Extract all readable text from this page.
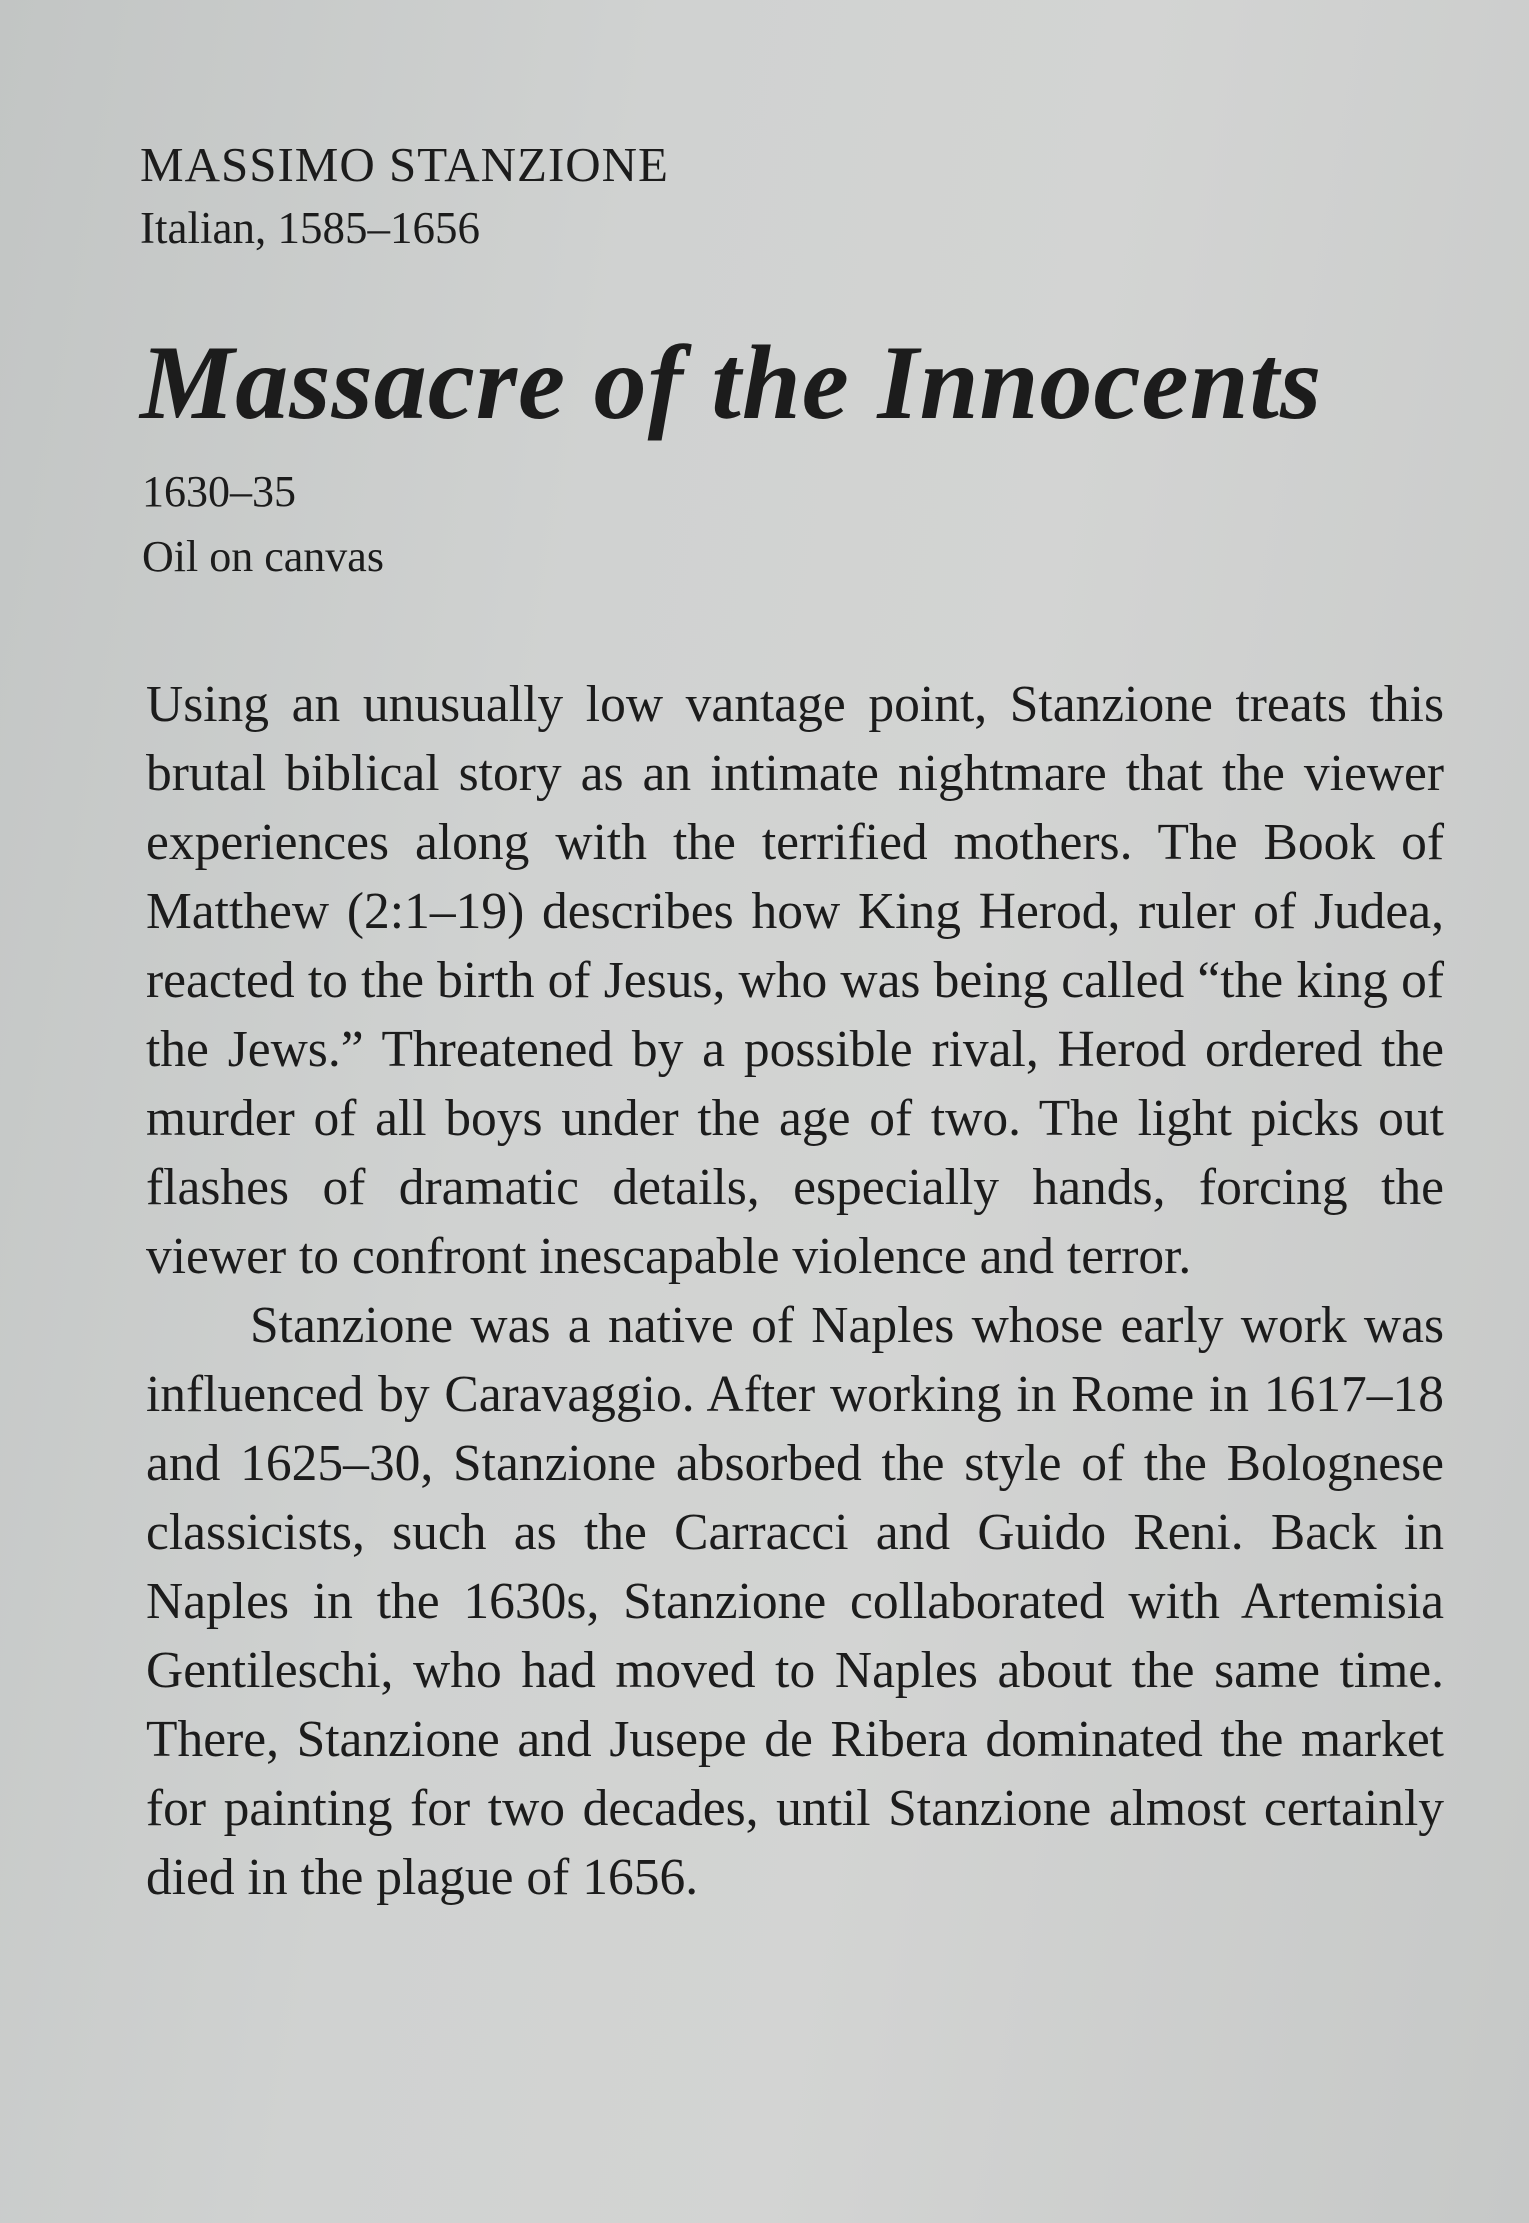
MASSIMO STANZIONE
Italian, 1585–1656
Massacre of the Innocents
1630–35
Oil on canvas

Using an unusually low vantage point, Stanzione treats this brutal biblical story as an intimate nightmare that the viewer experiences along with the terrified mothers. The Book of Matthew (2:1–19) describes how King Herod, ruler of Judea, reacted to the birth of Jesus, who was being called “the king of the Jews.” Threatened by a possible rival, Herod ordered the murder of all boys under the age of two. The light picks out flashes of dramatic details, especially hands, forcing the viewer to confront inescapable violence and terror.

Stanzione was a native of Naples whose early work was influenced by Caravaggio. After working in Rome in 1617–18 and 1625–30, Stanzione absorbed the style of the Bolognese classicists, such as the Carracci and Guido Reni. Back in Naples in the 1630s, Stanzione collaborated with Artemisia Gentileschi, who had moved to Naples about the same time. There, Stanzione and Jusepe de Ribera dominated the market for painting for two decades, until Stanzione almost certainly died in the plague of 1656.
